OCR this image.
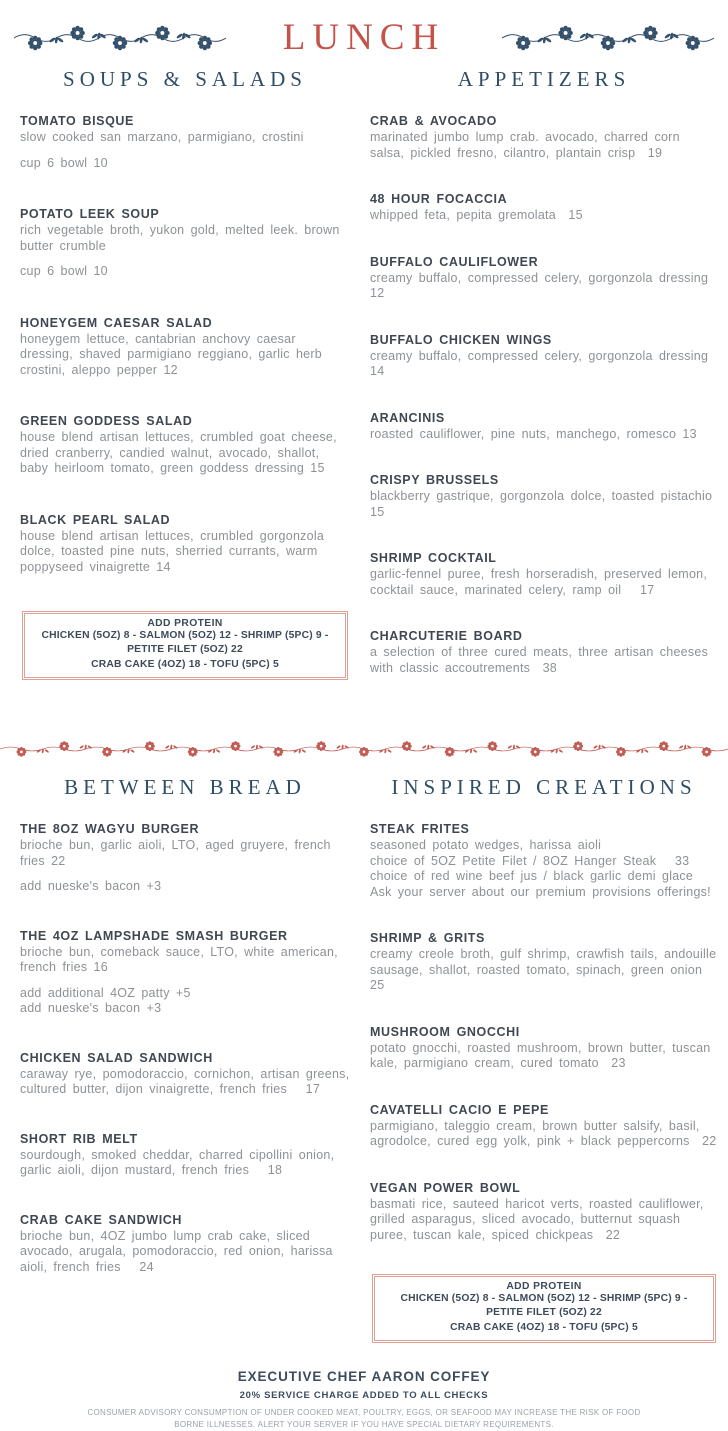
LUNCH
SOUPS & SALADS
TOMATO BISQUE
slow cooked san marzano, parmigiano, crostini
cup 6 bowl 10
POTATO LEEK SOUP
rich vegetable broth, yukon gold, melted leek. brown butter crumble
cup 6 bowl 10
HONEYGEM CAESAR SALAD
honeygem lettuce, cantabrian anchovy caesar dressing, shaved parmigiano reggiano, garlic herb crostini, aleppo pepper 12
GREEN GODDESS SALAD
house blend artisan lettuces, crumbled goat cheese, dried cranberry, candied walnut, avocado, shallot, baby heirloom tomato, green goddess dressing 15
BLACK PEARL SALAD
house blend artisan lettuces, crumbled gorgonzola dolce, toasted pine nuts, sherried currants, warm poppyseed vinaigrette 14
ADD PROTEIN
CHICKEN (5OZ) 8 - SALMON (5OZ) 12 - SHRIMP (5PC) 9 - PETITE FILET (5OZ) 22
CRAB CAKE (4OZ) 18 - TOFU (5PC) 5
APPETIZERS
CRAB & AVOCADO
marinated jumbo lump crab. avocado, charred corn salsa, pickled fresno, cilantro, plantain crisp  19
48 HOUR FOCACCIA
whipped feta, pepita gremolata  15
BUFFALO CAULIFLOWER
creamy buffalo, compressed celery, gorgonzola dressing 12
BUFFALO CHICKEN WINGS
creamy buffalo, compressed celery, gorgonzola dressing 14
ARANCINIS
roasted cauliflower, pine nuts, manchego, romesco 13
CRISPY BRUSSELS
blackberry gastrique, gorgonzola dolce, toasted pistachio 15
SHRIMP COCKTAIL
garlic-fennel puree, fresh horseradish, preserved lemon, cocktail sauce, marinated celery, ramp oil   17
CHARCUTERIE BOARD
a selection of three cured meats, three artisan cheeses with classic accoutrements  38
BETWEEN BREAD
THE 8OZ WAGYU BURGER
brioche bun, garlic aioli, LTO, aged gruyere, french fries 22
add nueske's bacon +3
THE 4OZ LAMPSHADE SMASH BURGER
brioche bun, comeback sauce, LTO, white american, french fries 16
add additional 4OZ patty +5
add nueske's bacon +3
CHICKEN SALAD SANDWICH
caraway rye, pomodoraccio, cornichon, artisan greens, cultured butter, dijon vinaigrette, french fries   17
SHORT RIB MELT
sourdough, smoked cheddar, charred cipollini onion, garlic aioli, dijon mustard, french fries   18
CRAB CAKE SANDWICH
brioche bun, 4OZ jumbo lump crab cake, sliced avocado, arugala, pomodoraccio, red onion, harissa aioli, french fries   24
INSPIRED CREATIONS
STEAK FRITES
seasoned potato wedges, harissa aioli
choice of 5OZ Petite Filet / 8OZ Hanger Steak   33
choice of red wine beef jus / black garlic demi glace
Ask your server about our premium provisions offerings!
SHRIMP & GRITS
creamy creole broth, gulf shrimp, crawfish tails, andouille sausage, shallot, roasted tomato, spinach, green onion 25
MUSHROOM GNOCCHI
potato gnocchi, roasted mushroom, brown butter, tuscan kale, parmigiano cream, cured tomato  23
CAVATELLI CACIO E PEPE
parmigiano, taleggio cream, brown butter salsify, basil, agrodolce, cured egg yolk, pink + black peppercorns  22
VEGAN POWER BOWL
basmati rice, sauteed haricot verts, roasted cauliflower, grilled asparagus, sliced avocado, butternut squash puree, tuscan kale, spiced chickpeas  22
ADD PROTEIN
CHICKEN (5OZ) 8 - SALMON (5OZ) 12 - SHRIMP (5PC) 9 - PETITE FILET (5OZ) 22
CRAB CAKE (4OZ) 18 - TOFU (5PC) 5
EXECUTIVE CHEF AARON COFFEY
20% SERVICE CHARGE ADDED TO ALL CHECKS
CONSUMER ADVISORY CONSUMPTION OF UNDER COOKED MEAT, POULTRY, EGGS, OR SEAFOOD MAY INCREASE THE RISK OF FOOD BORNE ILLNESSES. ALERT YOUR SERVER IF YOU HAVE SPECIAL DIETARY REQUIREMENTS.
